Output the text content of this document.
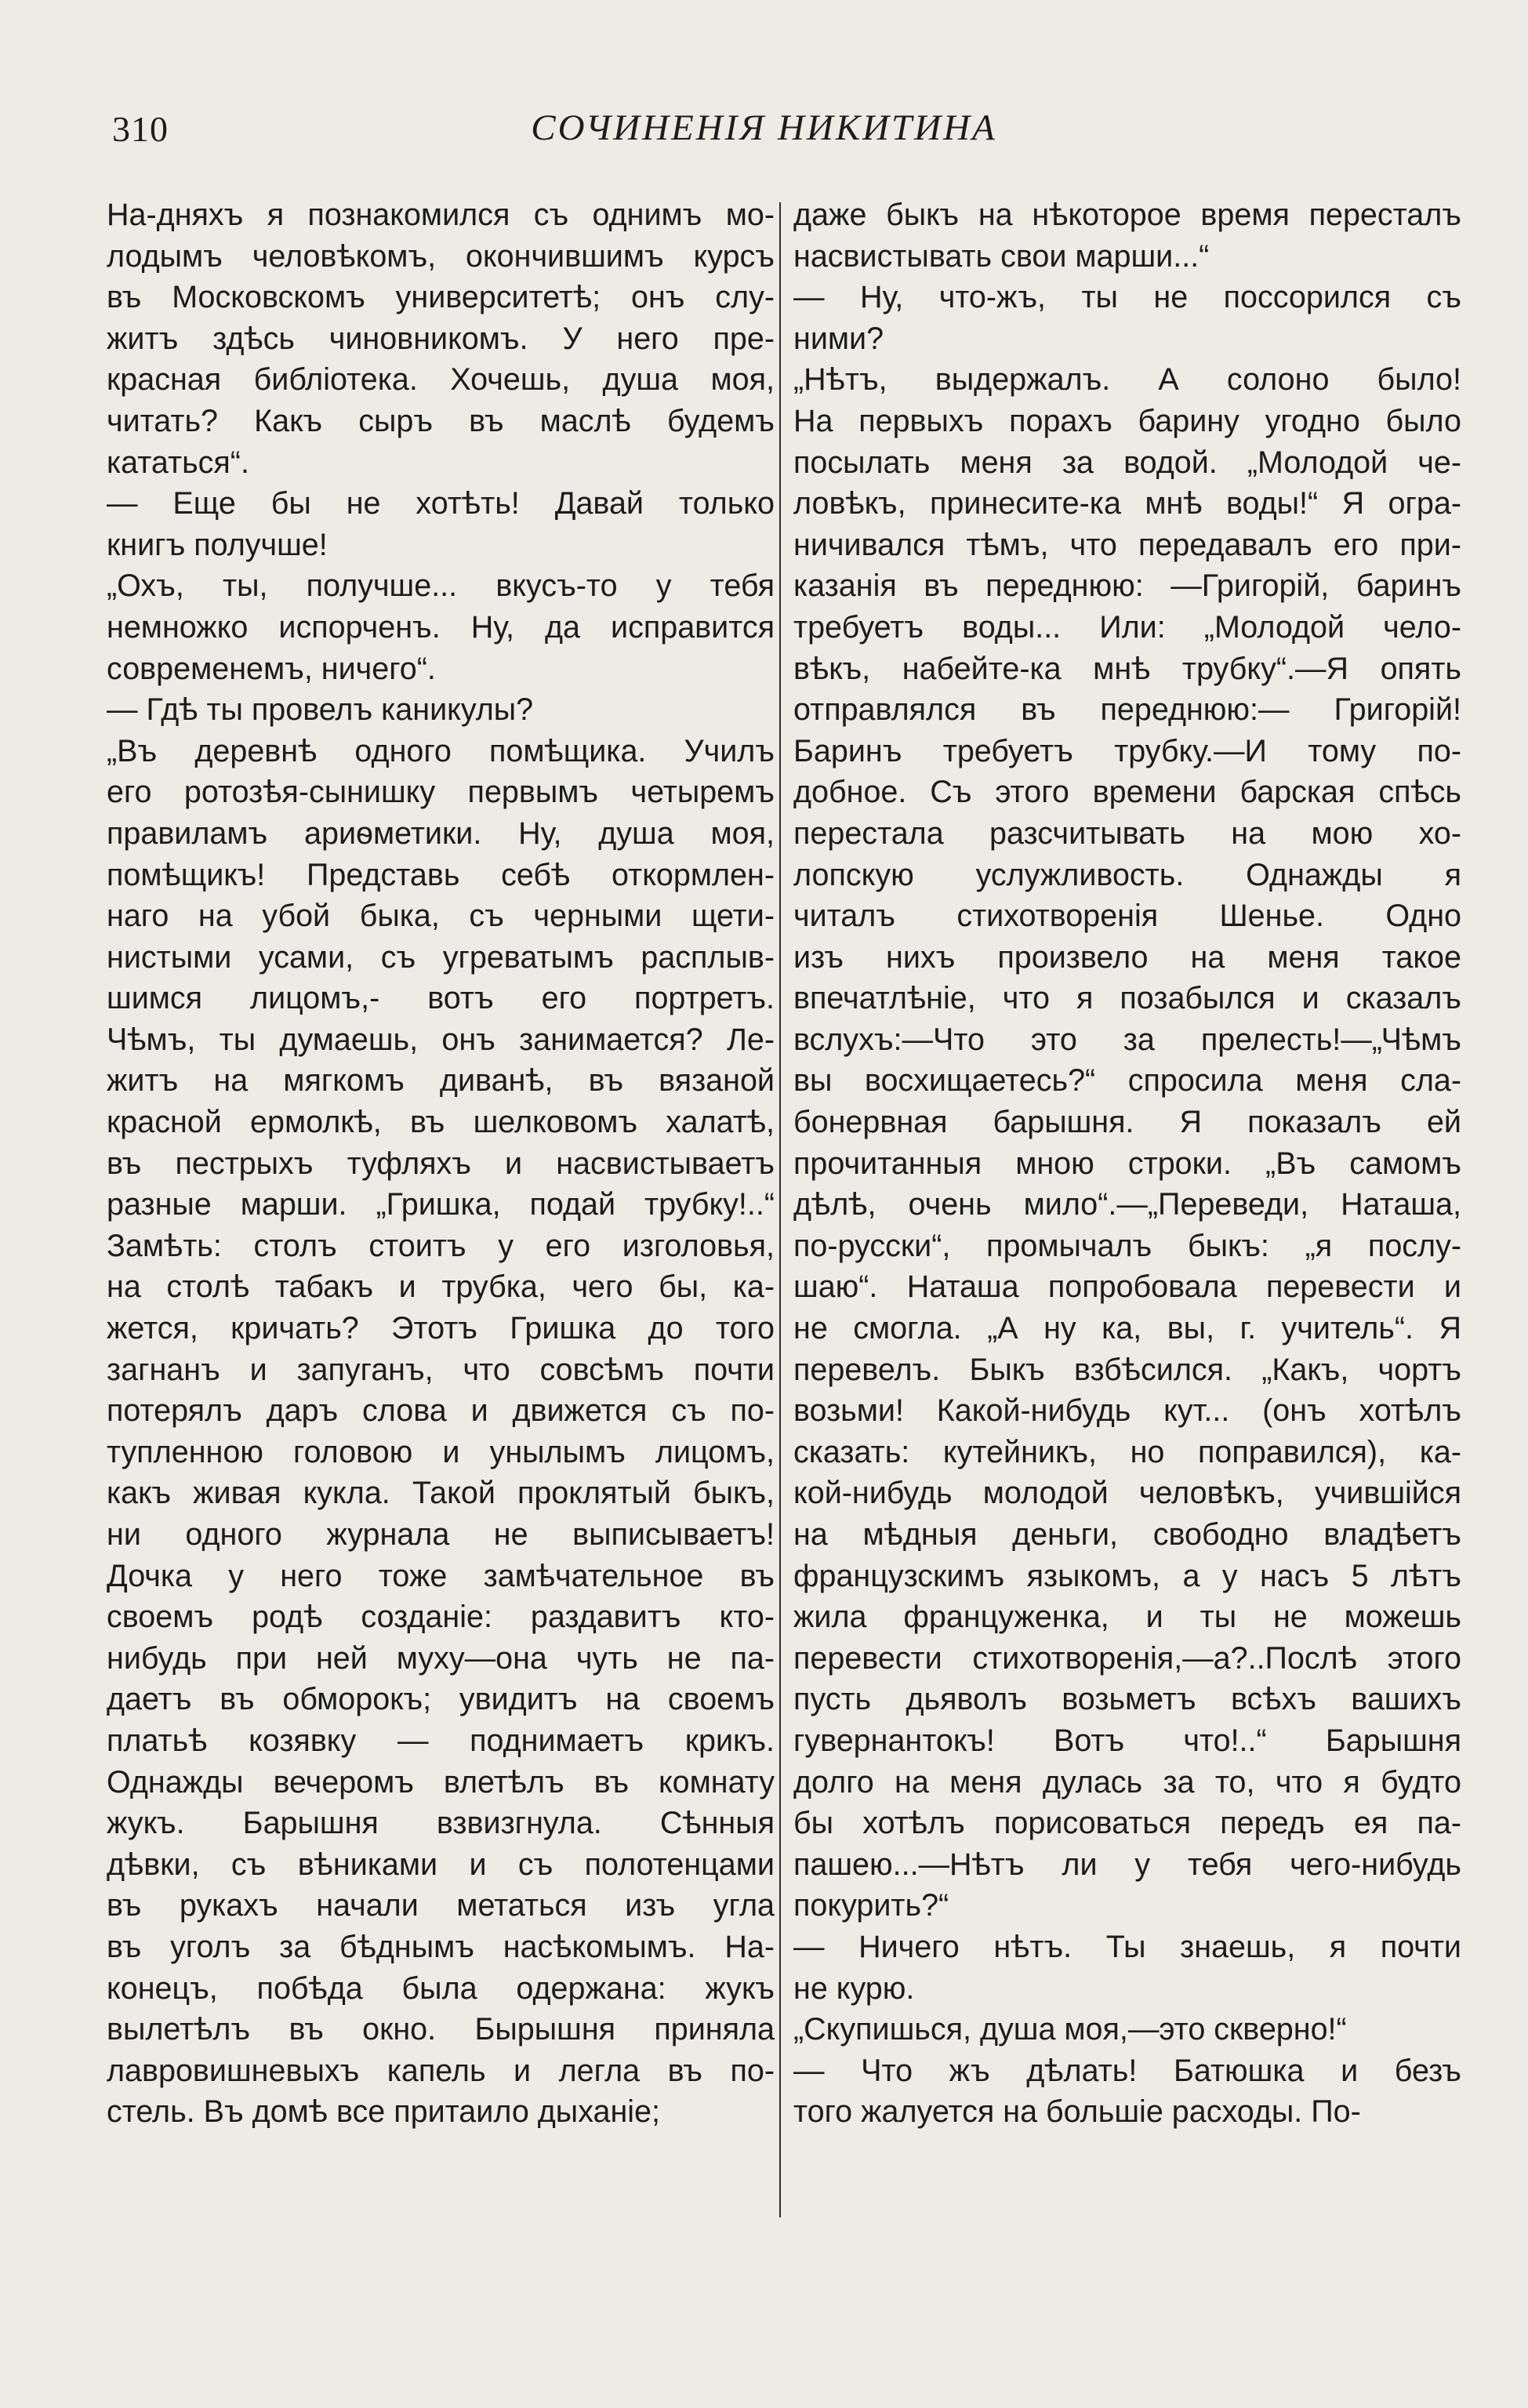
310	СОЧИНЕНІЯ НИКИТИНА
На-дняхъ я познакомился съ однимъ мо-
лодымъ человѣкомъ, окончившимъ курсъ
въ Московскомъ университетѣ; онъ слу-
житъ здѣсь чиновникомъ. У него пре-
красная библіотека. Хочешь, душа моя,
читать? Какъ сыръ въ маслѣ будемъ
кататься“.
— Еще бы не хотѣть! Давай только
книгъ получше!
„Охъ, ты, получше... вкусъ-то у тебя
немножко испорченъ. Ну, да исправится
современемъ, ничего“.
— Гдѣ ты провелъ каникулы?
„Въ деревнѣ одного помѣщика. Училъ
его ротозѣя-сынишку первымъ четыремъ
правиламъ ариѳметики. Ну, душа моя,
помѣщикъ! Представь себѣ откормлен-
наго на убой быка, съ черными щети-
нистыми усами, съ угреватымъ расплыв-
шимся лицомъ,- вотъ его портретъ.
Чѣмъ, ты думаешь, онъ занимается? Ле-
житъ на мягкомъ диванѣ, въ вязаной
красной ермолкѣ, въ шелковомъ халатѣ,
въ пестрыхъ туфляхъ и насвистываетъ
разные марши. „Гришка, подай трубку!..“
Замѣть: столъ стоитъ у его изголовья,
на столѣ табакъ и трубка, чего бы, ка-
жется, кричать? Этотъ Гришка до того
загнанъ и запуганъ, что совсѣмъ почти
потерялъ даръ слова и движется съ по-
тупленною головою и унылымъ лицомъ,
какъ живая кукла. Такой проклятый быкъ,
ни одного журнала не выписываетъ!
Дочка у него тоже замѣчательное въ
своемъ родѣ созданіе: раздавитъ кто-
нибудь при ней муху—она чуть не па-
даетъ въ обморокъ; увидитъ на своемъ
платьѣ козявку — поднимаетъ крикъ.
Однажды вечеромъ влетѣлъ въ комнату
жукъ. Барышня взвизгнула. Сѣнныя
дѣвки, съ вѣниками и съ полотенцами
въ рукахъ начали метаться изъ угла
въ уголъ за бѣднымъ насѣкомымъ. На-
конецъ, побѣда была одержана: жукъ
вылетѣлъ въ окно. Бырышня приняла
лавровишневыхъ капель и легла въ по-
стель. Въ домѣ все притаило дыханіе;
даже быкъ на нѣкоторое время пересталъ
насвистывать свои марши...“
— Ну, что-жъ, ты не поссорился съ
ними?
„Нѣтъ, выдержалъ. А солоно было!
На первыхъ порахъ барину угодно было
посылать меня за водой. „Молодой че-
ловѣкъ, принесите-ка мнѣ воды!“ Я огра-
ничивался тѣмъ, что передавалъ его при-
казанія въ переднюю: —Григорій, баринъ
требуетъ воды... Или: „Молодой чело-
вѣкъ, набейте-ка мнѣ трубку“.—Я опять
отправлялся въ переднюю:— Григорій!
Баринъ требуетъ трубку.—И тому по-
добное. Съ этого времени барская спѣсь
перестала разсчитывать на мою хо-
лопскую услужливость. Однажды я
читалъ стихотворенія Шенье. Одно
изъ нихъ произвело на меня такое
впечатлѣніе, что я позабылся и сказалъ
вслухъ:—Что это за прелесть!—„Чѣмъ
вы восхищаетесь?“ спросила меня сла-
бонервная барышня. Я показалъ ей
прочитанныя мною строки. „Въ самомъ
дѣлѣ, очень мило“.—„Переведи, Наташа,
по-русски“, промычалъ быкъ: „я послу-
шаю“. Наташа попробовала перевести и
не смогла. „А ну ка, вы, г. учитель“. Я
перевелъ. Быкъ взбѣсился. „Какъ, чортъ
возьми! Какой-нибудь кут... (онъ хотѣлъ
сказать: кутейникъ, но поправился), ка-
кой-нибудь молодой человѣкъ, учившійся
на мѣдныя деньги, свободно владѣетъ
французскимъ языкомъ, а у насъ 5 лѣтъ
жила француженка, и ты не можешь
перевести стихотворенія,—а?..Послѣ этого
пусть дьяволъ возьметъ всѣхъ вашихъ
гувернантокъ! Вотъ что!..“ Барышня
долго на меня дулась за то, что я будто
бы хотѣлъ порисоваться передъ ея па-
пашею...—Нѣтъ ли у тебя чего-нибудь
покурить?“
— Ничего нѣтъ. Ты знаешь, я почти
не курю.
„Скупишься, душа моя,—это скверно!“
— Что жъ дѣлать! Батюшка и безъ
того жалуется на большіе расходы. По-
